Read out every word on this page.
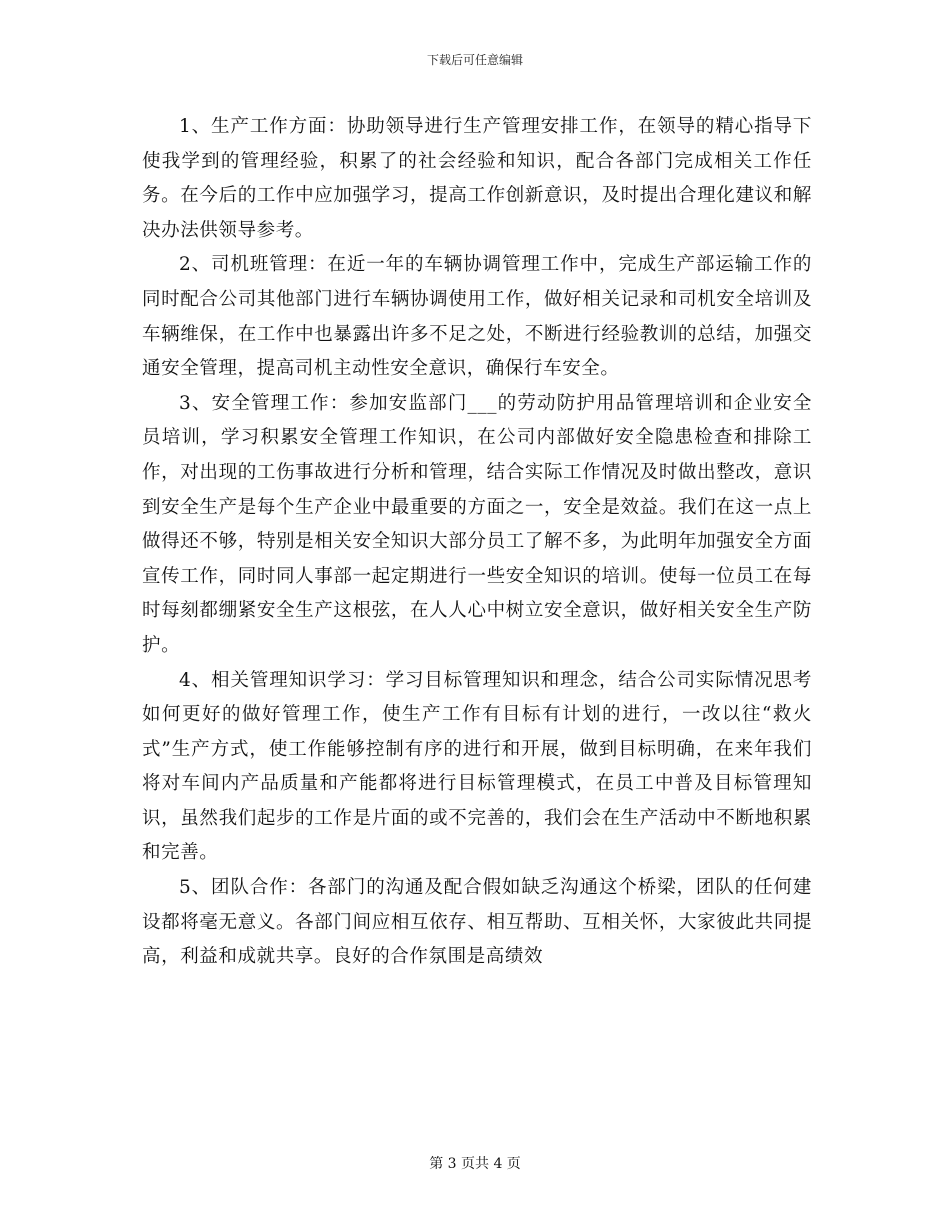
下载后可任意编辑

1、生产工作方面：协助领导进行生产管理安排工作，在领导的精心指导下使我学到的管理经验，积累了的社会经验和知识，配合各部门完成相关工作任务。在今后的工作中应加强学习，提高工作创新意识，及时提出合理化建议和解决办法供领导参考。

2、司机班管理：在近一年的车辆协调管理工作中，完成生产部运输工作的同时配合公司其他部门进行车辆协调使用工作，做好相关记录和司机安全培训及车辆维保，在工作中也暴露出许多不足之处，不断进行经验教训的总结，加强交通安全管理，提高司机主动性安全意识，确保行车安全。

3、安全管理工作：参加安监部门___的劳动防护用品管理培训和企业安全员培训，学习积累安全管理工作知识，在公司内部做好安全隐患检查和排除工作，对出现的工伤事故进行分析和管理，结合实际工作情况及时做出整改，意识到安全生产是每个生产企业中最重要的方面之一，安全是效益。我们在这一点上做得还不够，特别是相关安全知识大部分员工了解不多，为此明年加强安全方面宣传工作，同时同人事部一起定期进行一些安全知识的培训。使每一位员工在每时每刻都绷紧安全生产这根弦，在人人心中树立安全意识，做好相关安全生产防护。

4、相关管理知识学习：学习目标管理知识和理念，结合公司实际情况思考如何更好的做好管理工作，使生产工作有目标有计划的进行，一改以往“救火式”生产方式，使工作能够控制有序的进行和开展，做到目标明确，在来年我们将对车间内产品质量和产能都将进行目标管理模式，在员工中普及目标管理知识，虽然我们起步的工作是片面的或不完善的，我们会在生产活动中不断地积累和完善。

5、团队合作：各部门的沟通及配合假如缺乏沟通这个桥梁，团队的任何建设都将毫无意义。各部门间应相互依存、相互帮助、互相关怀，大家彼此共同提高，利益和成就共享。良好的合作氛围是高绩效

第 3 页共 4 页
